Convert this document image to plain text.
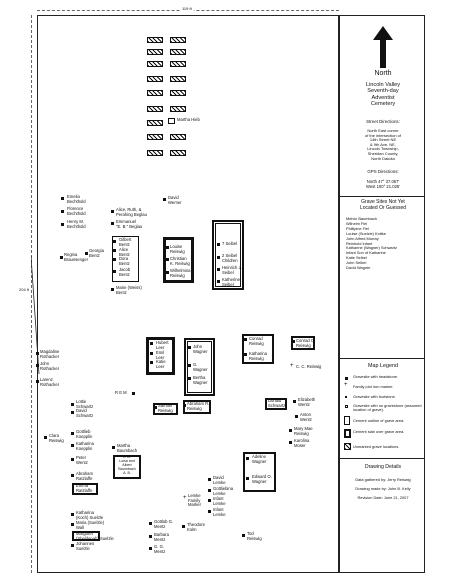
119 ft
204 ft
Martha Hieb
Emelia
Bechthold
Florence
Bechthold
Henry M.
Bechthold
Alice, Ruth, &
Perahing Beglau
Emmanuel
"E. B." Beglau
David
Werner
Regina
Braunsenger
Georgia
Bentz
Gilbert
Bentz
Alice
Bentz
Dora
Bentz
Jacob
Bentz
Marie (Weiss)
Bentz
Louise
Reiswig
Christian
K. Reiswig
Wilhelmina
Reiswig
7 Seibel
2 Seibel
Children
Heinrich J.
Seibel
Katherine
Seibel
Magdaline
Rothacker
John
Rothacker
Larenz
Rothacker
Hubert
Leer
Emil
Leer
Katie
Leer
John
Wagner
G.
Wagner
Bertha
Wagner
Conrad
Reiswig
Katharina
Reiswig
Conrad C.
Reiswig
+ C. C. Reiswig
Lottie
Schwartz
David
Schwartz
R E M
Samuel
Reiswig
Abraham R.
Reiswig
Donald
Schwartz
Elizabeth
Wentz
Anton
Wentz
Clara
Reiswig
Gottlieb
Koepplin
Katharina
Koepplin
Peter
Wentz
Martha
Baumbach
L. B.
Luisa and
Albert Baumbach
A. B.
Adeline
Wagner
Edward O.
Wagner
Mary Mae
Reiswig
Karolina
Moser
Abraham
Ratzlaffe
Emma
Ratzlaffe
David
Lemke
Gottliebina
Lemke
Infant
Lemke
Lemke
Family
Marker
+
Infant
Lemke
Katharina
(Koch) Suelzle
Maria (Suelzle)
Wall
Margaret
(Sheldenah) Suelzle
Johannes
Suelzle
Gottlob G.
Mentz
Barbara
Mentz
G. G.
Mentz
Theodore
Kolm
Tod
Reiswig
North
Lincoln Valley
Seventh-day
Adventist
Cemetery
Street Directions:
North East corner
of the intersection of
14th Street NE
& 9th Ave. NE,
Lincoln Township,
Sheridan County,
North Dakota
GPS Directions:
North 47° 37.067'
West 100° 21.025'
Grave Sites Not Yet
Located Or Guessed
Melvin Baumbach
Wilhelm Fiel
Phillipine Fiel
Louise (Suelzle) Kottke
John Alfred Murray
Reinhold Infant
Katharine (Wagner) Schwartz
Infant Son of Katharine
Katie Seibel
John Seibel
David Wagner
Map Legend
Gravesite with headstone.
+ Family plot iron marker.
Gravesite with footstone.
Gravesite with no gravestone (assumed location of grave).
Cement outline of grave area.
Cement slab over grave area.
Unmarked grave locations.
Drawing Details
Data gathered by: Jerry Reiswig
Drawing made by: John B. Kelly
Revision Date: June 21, 2007
